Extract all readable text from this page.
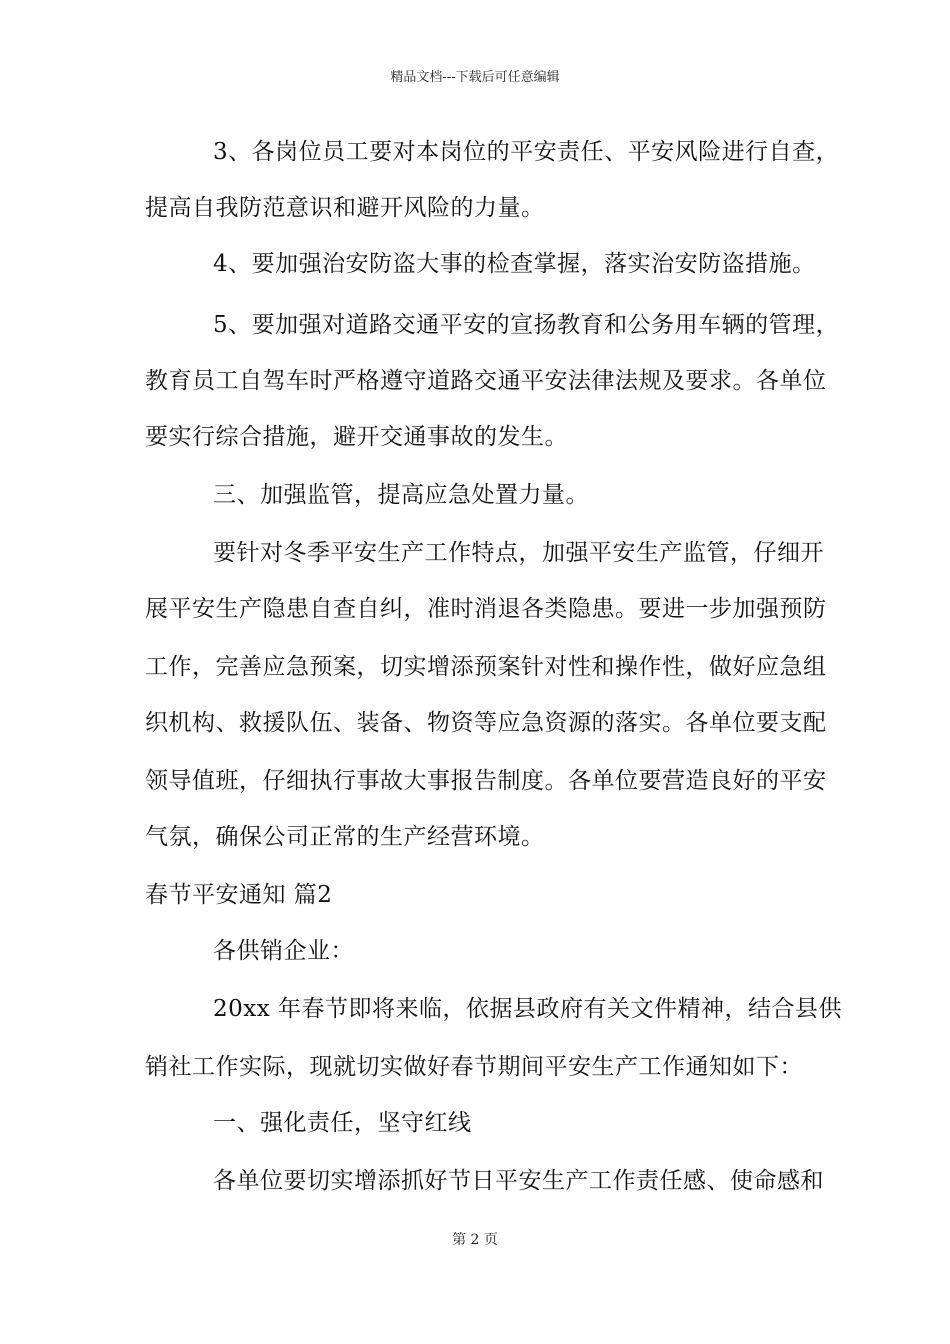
精品文档---下载后可任意编辑
3、各岗位员工要对本岗位的平安责任、平安风险进行自查，
提高自我防范意识和避开风险的力量。
4、要加强治安防盗大事的检查掌握，落实治安防盗措施。
5、要加强对道路交通平安的宣扬教育和公务用车辆的管理，
教育员工自驾车时严格遵守道路交通平安法律法规及要求。各单位
要实行综合措施，避开交通事故的发生。
三、加强监管，提高应急处置力量。
要针对冬季平安生产工作特点，加强平安生产监管，仔细开
展平安生产隐患自查自纠，准时消退各类隐患。要进一步加强预防
工作，完善应急预案，切实增添预案针对性和操作性，做好应急组
织机构、救援队伍、装备、物资等应急资源的落实。各单位要支配
领导值班，仔细执行事故大事报告制度。各单位要营造良好的平安
气氛，确保公司正常的生产经营环境。
春节平安通知 篇2
各供销企业：
20xx 年春节即将来临，依据县政府有关文件精神，结合县供
销社工作实际，现就切实做好春节期间平安生产工作通知如下：
一、强化责任，坚守红线
各单位要切实增添抓好节日平安生产工作责任感、使命感和
第 2 页
